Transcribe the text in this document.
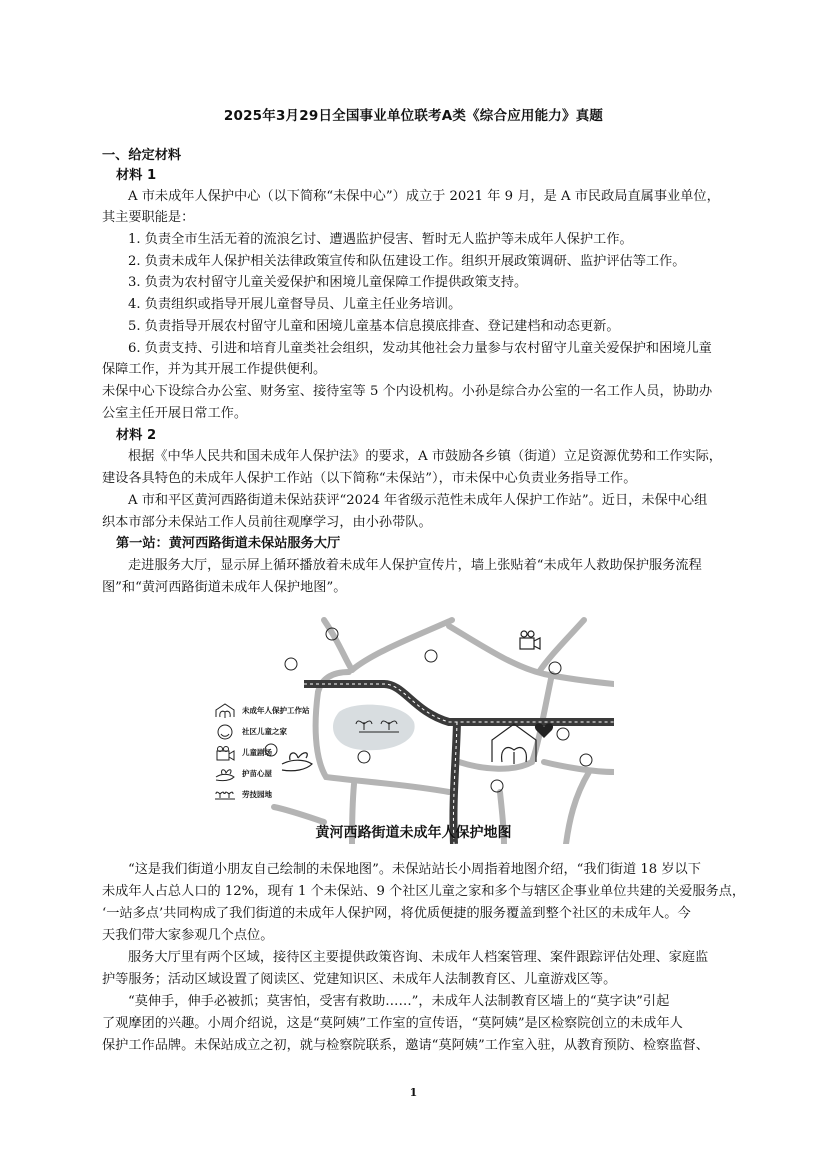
2025年3月29日全国事业单位联考A类《综合应用能力》真题
一、给定材料
材料 1
A 市未成年人保护中心（以下简称“未保中心”）成立于 2021 年 9 月，是 A 市民政局直属事业单位，
其主要职能是：
1. 负责全市生活无着的流浪乞讨、遭遇监护侵害、暂时无人监护等未成年人保护工作。
2. 负责未成年人保护相关法律政策宣传和队伍建设工作。组织开展政策调研、监护评估等工作。
3. 负责为农村留守儿童关爱保护和困境儿童保障工作提供政策支持。
4. 负责组织或指导开展儿童督导员、儿童主任业务培训。
5. 负责指导开展农村留守儿童和困境儿童基本信息摸底排查、登记建档和动态更新。
6. 负责支持、引进和培育儿童类社会组织，发动其他社会力量参与农村留守儿童关爱保护和困境儿童
保障工作，并为其开展工作提供便利。
未保中心下设综合办公室、财务室、接待室等 5 个内设机构。小孙是综合办公室的一名工作人员，协助办
公室主任开展日常工作。
材料 2
根据《中华人民共和国未成年人保护法》的要求，A 市鼓励各乡镇（街道）立足资源优势和工作实际，
建设各具特色的未成年人保护工作站（以下简称“未保站”），市未保中心负责业务指导工作。
A 市和平区黄河西路街道未保站获评“2024 年省级示范性未成年人保护工作站”。近日，未保中心组
织本市部分未保站工作人员前往观摩学习，由小孙带队。
第一站：黄河西路街道未保站服务大厅
走进服务大厅，显示屏上循环播放着未成年人保护宣传片，墙上张贴着“未成年人救助保护服务流程
图”和“黄河西路街道未成年人保护地图”。
未成年人保护工作站
社区儿童之家
儿童剧场
护苗心屋
劳技园地
黄河西路街道未成年人保护地图
“这是我们街道小朋友自己绘制的未保地图”。未保站站长小周指着地图介绍，“我们街道 18 岁以下
未成年人占总人口的 12%，现有 1 个未保站、9 个社区儿童之家和多个与辖区企事业单位共建的关爱服务点，
‘一站多点’共同构成了我们街道的未成年人保护网，将优质便捷的服务覆盖到整个社区的未成年人。今
天我们带大家参观几个点位。
服务大厅里有两个区域，接待区主要提供政策咨询、未成年人档案管理、案件跟踪评估处理、家庭监
护等服务；活动区域设置了阅读区、党建知识区、未成年人法制教育区、儿童游戏区等。
“莫伸手，伸手必被抓；莫害怕，受害有救助……”，未成年人法制教育区墙上的“莫字诀”引起
了观摩团的兴趣。小周介绍说，这是“莫阿姨”工作室的宣传语，“莫阿姨”是区检察院创立的未成年人
保护工作品牌。未保站成立之初，就与检察院联系，邀请“莫阿姨”工作室入驻，从教育预防、检察监督、
1
